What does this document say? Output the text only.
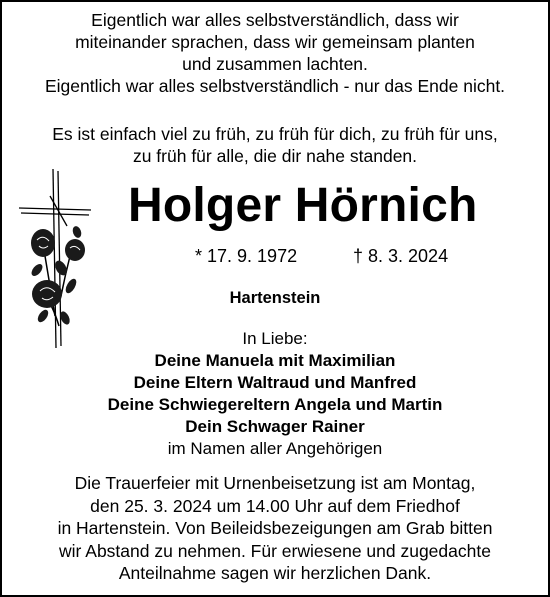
Eigentlich war alles selbstverständlich, dass wir
miteinander sprachen, dass wir gemeinsam planten
und zusammen lachten.
Eigentlich war alles selbstverständlich - nur das Ende nicht.
Es ist einfach viel zu früh, zu früh für dich, zu früh für uns,
zu früh für alle, die dir nahe standen.
Holger Hörnich
* 17. 9. 1972	† 8. 3. 2024
Hartenstein
In Liebe:
Deine Manuela mit Maximilian
Deine Eltern Waltraud und Manfred
Deine Schwiegereltern Angela und Martin
Dein Schwager Rainer
im Namen aller Angehörigen
Die Trauerfeier mit Urnenbeisetzung ist am Montag,
den 25. 3. 2024 um 14.00 Uhr auf dem Friedhof
in Hartenstein. Von Beileidsbezeigungen am Grab bitten
wir Abstand zu nehmen. Für erwiesene und zugedachte
Anteilnahme sagen wir herzlichen Dank.
